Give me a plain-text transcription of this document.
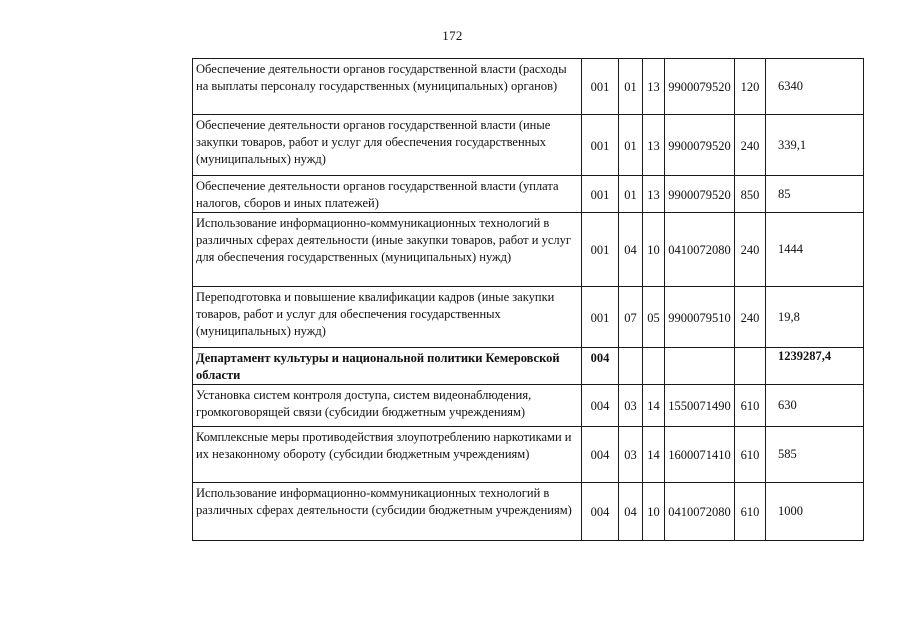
172
Обеспечение деятельности органов государственной власти (расходы на выплаты персоналу государственных (муниципальных) органов)	001	01	13	9900079520	120	6340

Обеспечение деятельности органов государственной власти (иные закупки товаров, работ и услуг для обеспечения государственных (муниципальных) нужд)	001	01	13	9900079520	240	339,1

Обеспечение деятельности органов государственной власти (уплата налогов, сборов и иных платежей)	001	01	13	9900079520	850	85

Использование информационно-коммуникационных технологий в различных сферах деятельности (иные закупки товаров, работ и услуг для обеспечения государственных (муниципальных) нужд)	001	04	10	0410072080	240	1444

Переподготовка и повышение квалификации кадров (иные закупки товаров, работ и услуг для обеспечения государственных (муниципальных) нужд)	001	07	05	9900079510	240	19,8

Департамент культуры и национальной политики Кемеровской области	004					1239287,4

Установка систем контроля доступа, систем видеонаблюдения, громкоговорящей связи (субсидии бюджетным учреждениям)	004	03	14	1550071490	610	630

Комплексные меры противодействия злоупотреблению наркотиками и их незаконному обороту (субсидии бюджетным учреждениям)	004	03	14	1600071410	610	585

Использование информационно-коммуникационных технологий в различных сферах деятельности (субсидии бюджетным учреждениям)	004	04	10	0410072080	610	1000
